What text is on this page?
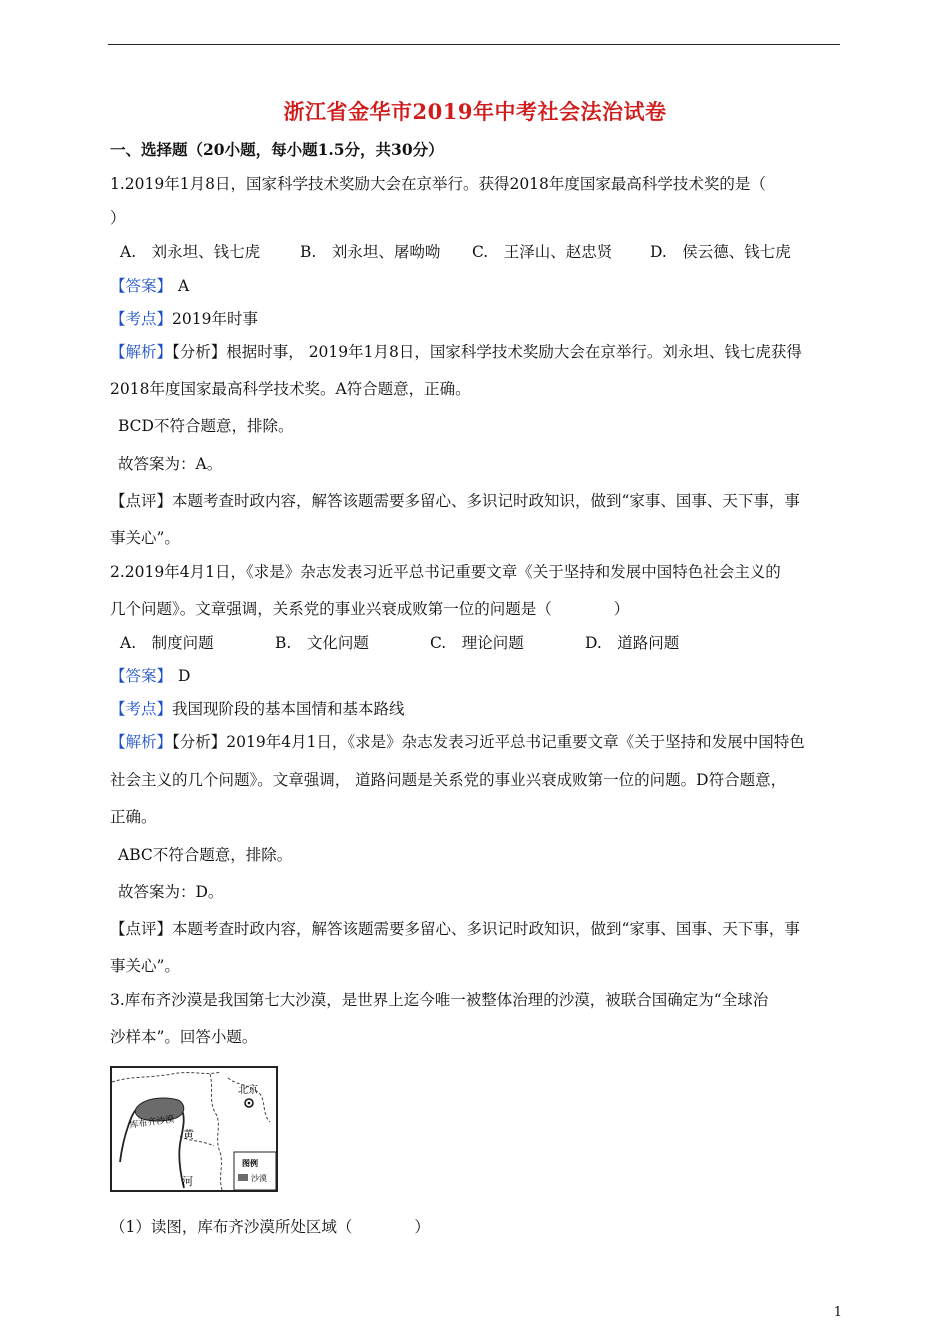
浙江省金华市2019年中考社会法治试卷
一、选择题（20小题，每小题1.5分，共30分）
1.2019年1月8日，国家科学技术奖励大会在京举行。获得2018年度国家最高科学技术奖的是（
）
A.　刘永坦、钱七虎	B.　刘永坦、屠呦呦 C.　王泽山、赵忠贤 D.　侯云德、钱七虎
【答案】 A
【考点】2019年时事
【解析】【分析】根据时事， 2019年1月8日，国家科学技术奖励大会在京举行。刘永坦、钱七虎获得
2018年度国家最高科学技术奖。A符合题意，正确。
BCD不符合题意，排除。
故答案为：A。
【点评】本题考查时政内容，解答该题需要多留心、多识记时政知识，做到“家事、国事、天下事，事
事关心”。
2.2019年4月1日，《求是》杂志发表习近平总书记重要文章《关于坚持和发展中国特色社会主义的
几个问题》。文章强调，关系党的事业兴衰成败第一位的问题是（　　　　）
A.　制度问题	B.　文化问题	C.　理论问题	D.　道路问题
【答案】 D
【考点】我国现阶段的基本国情和基本路线
【解析】【分析】2019年4月1日，《求是》杂志发表习近平总书记重要文章《关于坚持和发展中国特色
社会主义的几个问题》。文章强调， 道路问题是关系党的事业兴衰成败第一位的问题。D符合题意，
正确。
ABC不符合题意，排除。
故答案为：D。
【点评】本题考查时政内容，解答该题需要多留心、多识记时政知识，做到“家事、国事、天下事，事
事关心”。
3.库布齐沙漠是我国第七大沙漠，是世界上迄今唯一被整体治理的沙漠，被联合国确定为“全球治
沙样本”。回答小题。
库布齐沙漠
北京
黄
河
图例
沙漠
（1）读图，库布齐沙漠所处区域（　　　　）
1
